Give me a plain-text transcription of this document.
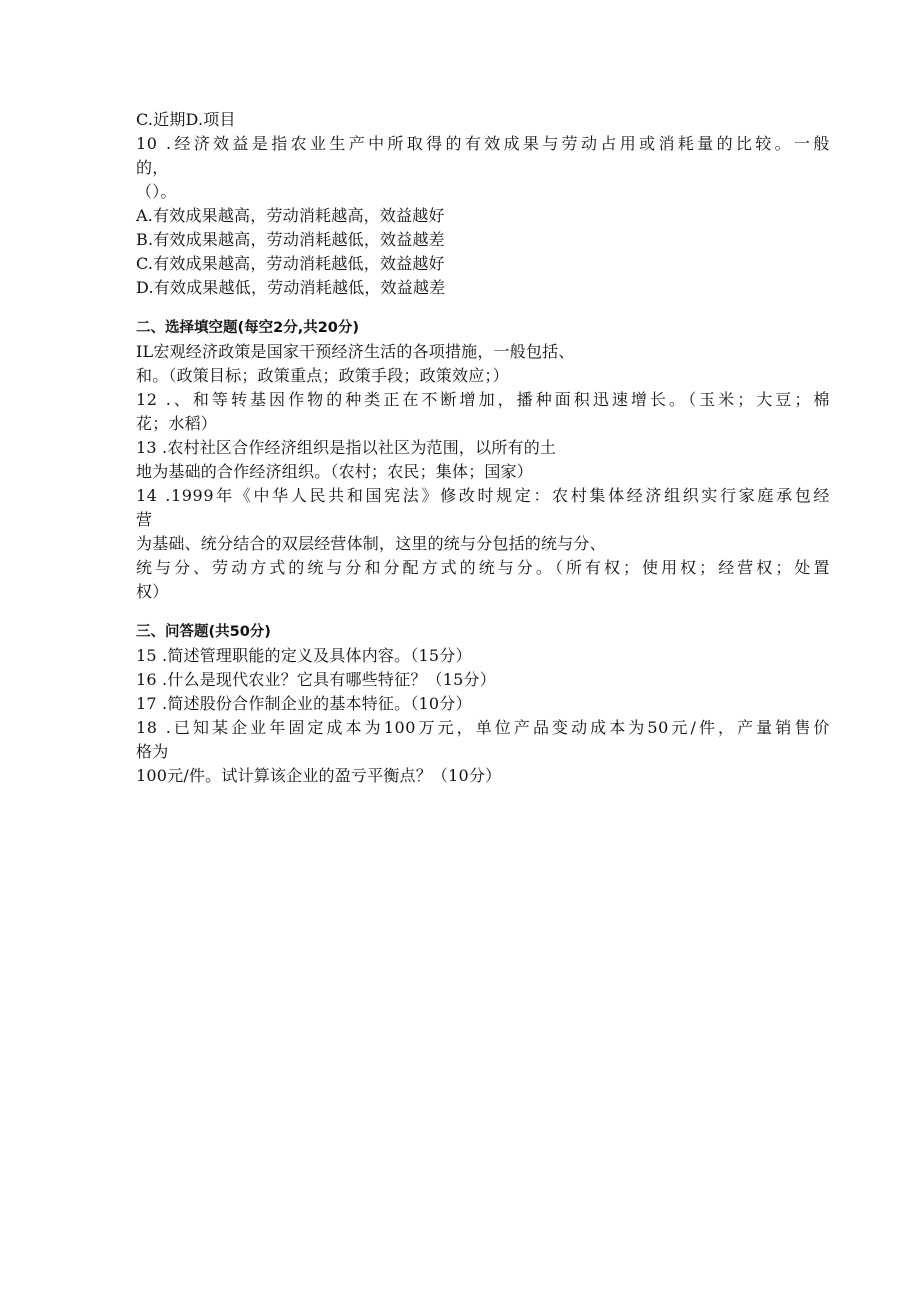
C.近期D.项目
10 .经济效益是指农业生产中所取得的有效成果与劳动占用或消耗量的比较。一般
的，
（）。
A.有效成果越高，劳动消耗越高，效益越好
B.有效成果越高，劳动消耗越低，效益越差
C.有效成果越高，劳动消耗越低，效益越好
D.有效成果越低，劳动消耗越低，效益越差
二、选择填空题(每空2分,共20分)
IL宏观经济政策是国家干预经济生活的各项措施，一般包括、
和。（政策目标；政策重点；政策手段；政策效应；）
12 .、和等转基因作物的种类正在不断增加，播种面积迅速增长。（玉米；大豆；棉
花；水稻）
13 .农村社区合作经济组织是指以社区为范围，以所有的土
地为基础的合作经济组织。（农村；农民；集体；国家）
14 .1999年《中华人民共和国宪法》修改时规定：农村集体经济组织实行家庭承包经
营
为基础、统分结合的双层经营体制，这里的统与分包括的统与分、
统与分、劳动方式的统与分和分配方式的统与分。（所有权；使用权；经营权；处置
权）
三、问答题(共50分)
15 .简述管理职能的定义及具体内容。（15分）
16 .什么是现代农业？它具有哪些特征？（15分）
17 .简述股份合作制企业的基本特征。（10分）
18 .已知某企业年固定成本为100万元，单位产品变动成本为50元/件，产量销售价
格为
100元/件。试计算该企业的盈亏平衡点？（10分）
